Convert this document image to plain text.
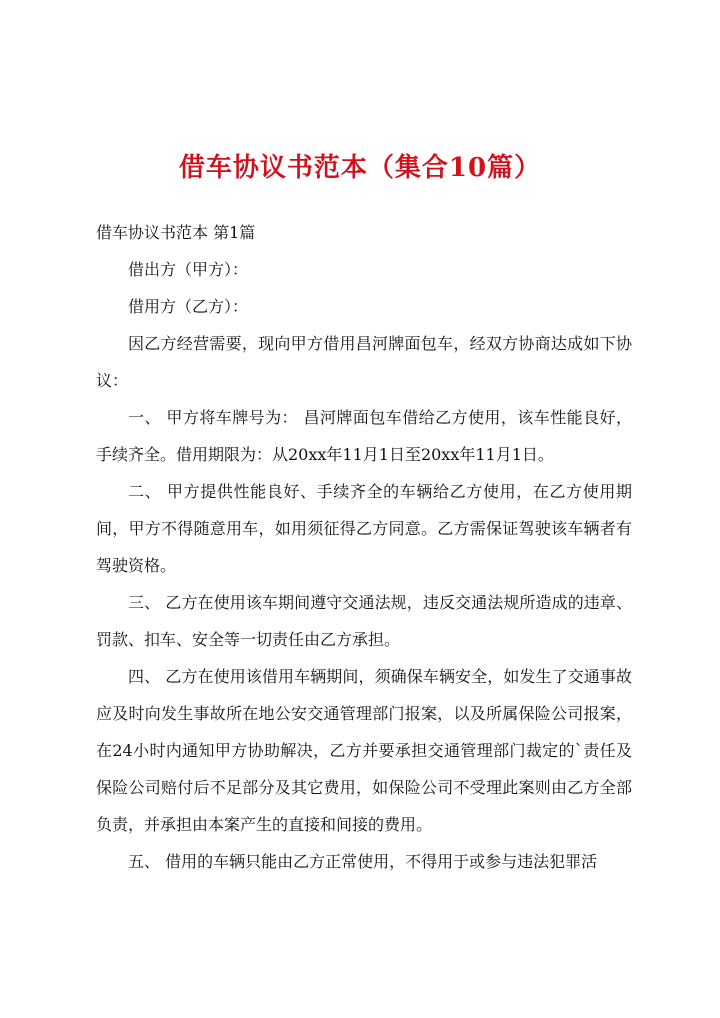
借车协议书范本（集合10篇）

借车协议书范本 第1篇

借出方（甲方）：

借用方（乙方）：

因乙方经营需要，现向甲方借用昌河牌面包车，经双方协商达成如下协议：

一、 甲方将车牌号为： 昌河牌面包车借给乙方使用，该车性能良好，手续齐全。借用期限为：从20xx年11月1日至20xx年11月1日。

二、 甲方提供性能良好、手续齐全的车辆给乙方使用，在乙方使用期间，甲方不得随意用车，如用须征得乙方同意。乙方需保证驾驶该车辆者有驾驶资格。

三、 乙方在使用该车期间遵守交通法规，违反交通法规所造成的违章、罚款、扣车、安全等一切责任由乙方承担。

四、 乙方在使用该借用车辆期间，须确保车辆安全，如发生了交通事故应及时向发生事故所在地公安交通管理部门报案，以及所属保险公司报案，在24小时内通知甲方协助解决，乙方并要承担交通管理部门裁定的`责任及保险公司赔付后不足部分及其它费用，如保险公司不受理此案则由乙方全部负责，并承担由本案产生的直接和间接的费用。

五、 借用的车辆只能由乙方正常使用，不得用于或参与违法犯罪活
